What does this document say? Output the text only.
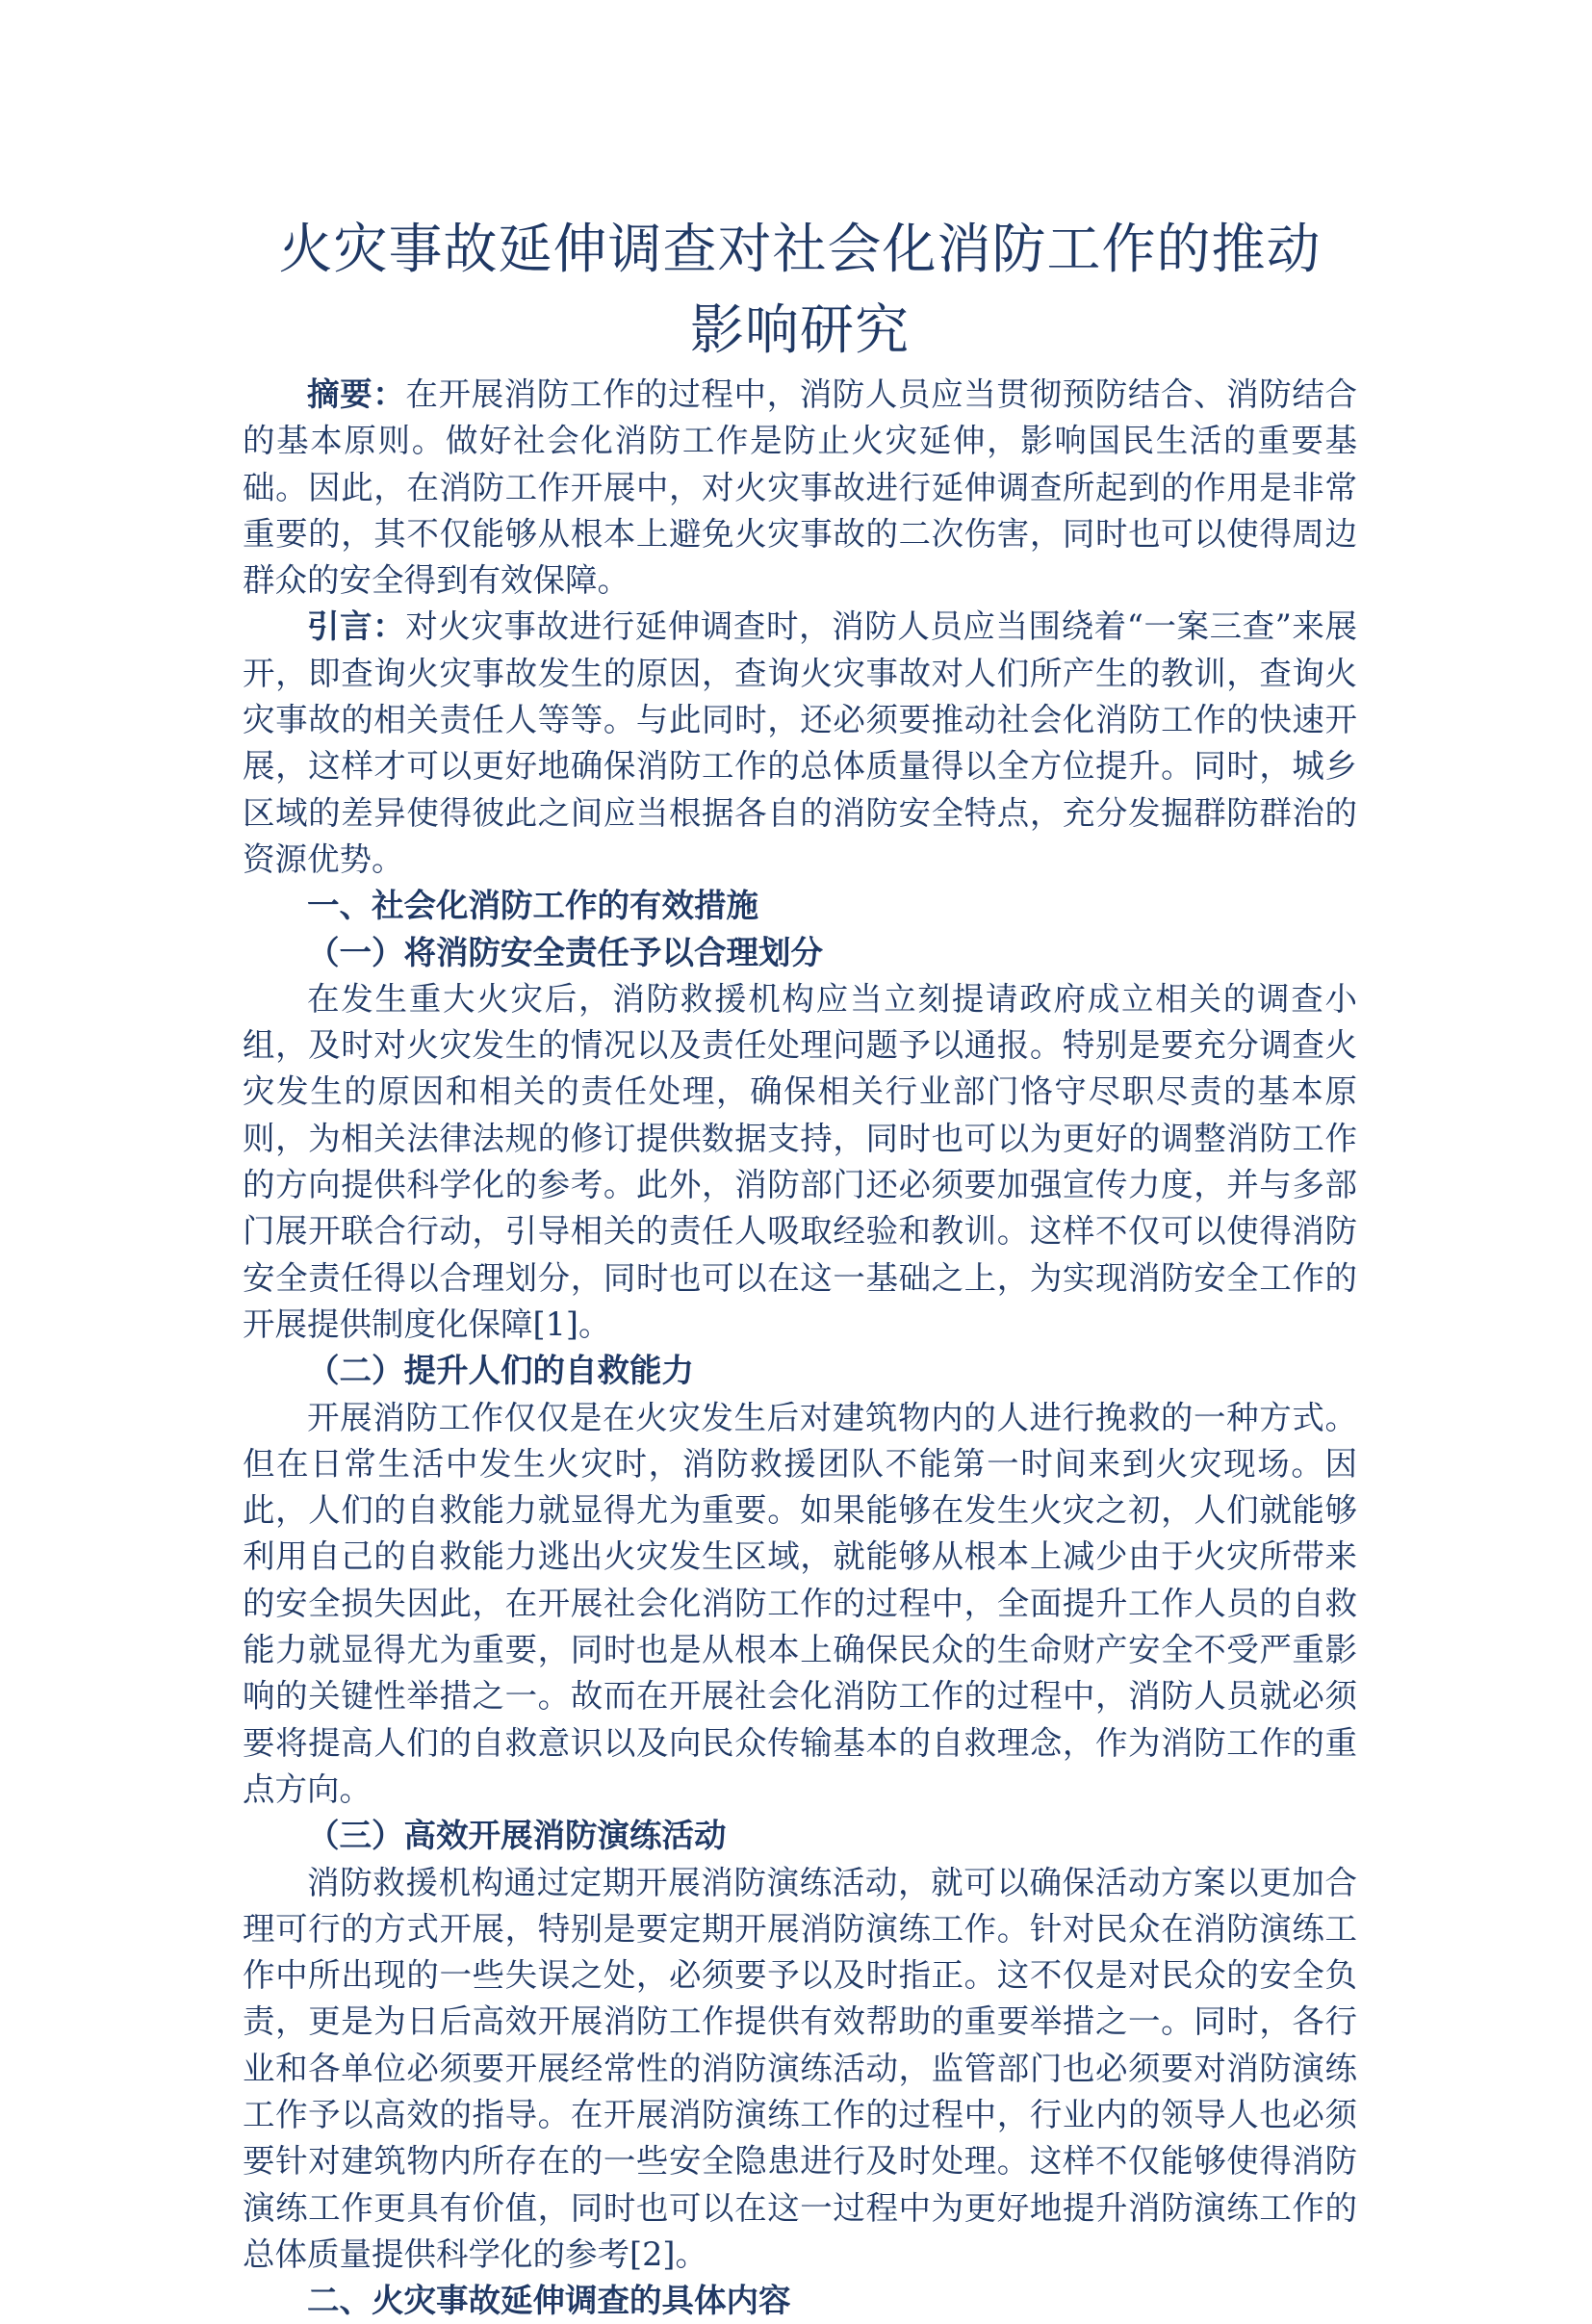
火灾事故延伸调查对社会化消防工作的推动
影响研究

摘要：在开展消防工作的过程中，消防人员应当贯彻预防结合、消防结合的基本原则。做好社会化消防工作是防止火灾延伸，影响国民生活的重要基础。因此，在消防工作开展中，对火灾事故进行延伸调查所起到的作用是非常重要的，其不仅能够从根本上避免火灾事故的二次伤害，同时也可以使得周边群众的安全得到有效保障。

引言：对火灾事故进行延伸调查时，消防人员应当围绕着“一案三查”来展开，即查询火灾事故发生的原因，查询火灾事故对人们所产生的教训，查询火灾事故的相关责任人等等。与此同时，还必须要推动社会化消防工作的快速开展，这样才可以更好地确保消防工作的总体质量得以全方位提升。同时，城乡区域的差异使得彼此之间应当根据各自的消防安全特点，充分发掘群防群治的资源优势。

一、社会化消防工作的有效措施
（一）将消防安全责任予以合理划分

在发生重大火灾后，消防救援机构应当立刻提请政府成立相关的调查小组，及时对火灾发生的情况以及责任处理问题予以通报。特别是要充分调查火灾发生的原因和相关的责任处理，确保相关行业部门恪守尽职尽责的基本原则，为相关法律法规的修订提供数据支持，同时也可以为更好的调整消防工作的方向提供科学化的参考。此外，消防部门还必须要加强宣传力度，并与多部门展开联合行动，引导相关的责任人吸取经验和教训。这样不仅可以使得消防安全责任得以合理划分，同时也可以在这一基础之上，为实现消防安全工作的开展提供制度化保障[1]。

（二）提升人们的自救能力

开展消防工作仅仅是在火灾发生后对建筑物内的人进行挽救的一种方式。但在日常生活中发生火灾时，消防救援团队不能第一时间来到火灾现场。因此，人们的自救能力就显得尤为重要。如果能够在发生火灾之初，人们就能够利用自己的自救能力逃出火灾发生区域，就能够从根本上减少由于火灾所带来的安全损失因此，在开展社会化消防工作的过程中，全面提升工作人员的自救能力就显得尤为重要，同时也是从根本上确保民众的生命财产安全不受严重影响的关键性举措之一。故而在开展社会化消防工作的过程中，消防人员就必须要将提高人们的自救意识以及向民众传输基本的自救理念，作为消防工作的重点方向。

（三）高效开展消防演练活动

消防救援机构通过定期开展消防演练活动，就可以确保活动方案以更加合理可行的方式开展，特别是要定期开展消防演练工作。针对民众在消防演练工作中所出现的一些失误之处，必须要予以及时指正。这不仅是对民众的安全负责，更是为日后高效开展消防工作提供有效帮助的重要举措之一。同时，各行业和各单位必须要开展经常性的消防演练活动，监管部门也必须要对消防演练工作予以高效的指导。在开展消防演练工作的过程中，行业内的领导人也必须要针对建筑物内所存在的一些安全隐患进行及时处理。这样不仅能够使得消防演练工作更具有价值，同时也可以在这一过程中为更好地提升消防演练工作的总体质量提供科学化的参考[2]。

二、火灾事故延伸调查的具体内容
